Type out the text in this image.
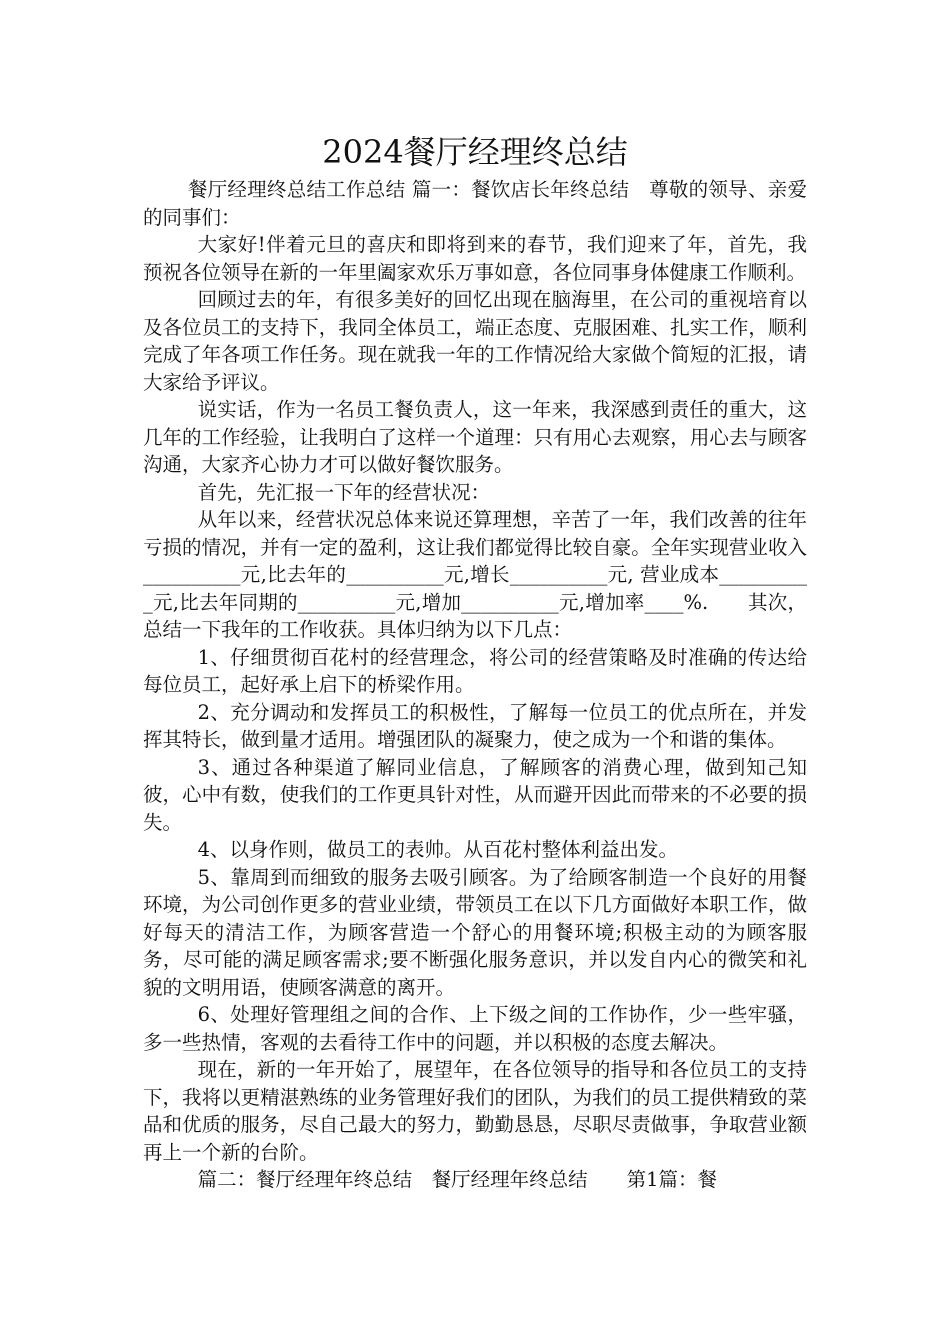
2024餐厅经理终总结

餐厅经理终总结工作总结 篇一：餐饮店长年终总结　尊敬的领导、亲爱的同事们：

大家好!伴着元旦的喜庆和即将到来的春节，我们迎来了年，首先，我预祝各位领导在新的一年里阖家欢乐万事如意，各位同事身体健康工作顺利。

回顾过去的年，有很多美好的回忆出现在脑海里，在公司的重视培育以及各位员工的支持下，我同全体员工，端正态度、克服困难、扎实工作，顺利完成了年各项工作任务。现在就我一年的工作情况给大家做个简短的汇报，请大家给予评议。

说实话，作为一名员工餐负责人，这一年来，我深感到责任的重大，这几年的工作经验，让我明白了这样一个道理：只有用心去观察，用心去与顾客沟通，大家齐心协力才可以做好餐饮服务。

首先，先汇报一下年的经营状况：

从年以来，经营状况总体来说还算理想，辛苦了一年，我们改善的往年亏损的情况，并有一定的盈利，这让我们都觉得比较自豪。全年实现营业收入__________元,比去年的__________元,增长__________元, 营业成本__________元,比去年同期的__________元,增加__________元,增加率____%.　　其次，总结一下我年的工作收获。具体归纳为以下几点：

1、仔细贯彻百花村的经营理念，将公司的经营策略及时准确的传达给每位员工，起好承上启下的桥梁作用。

2、充分调动和发挥员工的积极性，了解每一位员工的优点所在，并发挥其特长，做到量才适用。增强团队的凝聚力，使之成为一个和谐的集体。

3、通过各种渠道了解同业信息，了解顾客的消费心理，做到知己知彼，心中有数，使我们的工作更具针对性，从而避开因此而带来的不必要的损失。

4、以身作则，做员工的表帅。从百花村整体利益出发。

5、靠周到而细致的服务去吸引顾客。为了给顾客制造一个良好的用餐环境，为公司创作更多的营业业绩，带领员工在以下几方面做好本职工作，做好每天的清洁工作，为顾客营造一个舒心的用餐环境;积极主动的为顾客服务，尽可能的满足顾客需求;要不断强化服务意识，并以发自内心的微笑和礼貌的文明用语，使顾客满意的离开。

6、处理好管理组之间的合作、上下级之间的工作协作，少一些牢骚，多一些热情，客观的去看待工作中的问题，并以积极的态度去解决。

现在，新的一年开始了，展望年，在各位领导的指导和各位员工的支持下，我将以更精湛熟练的业务管理好我们的团队，为我们的员工提供精致的菜品和优质的服务，尽自己最大的努力，勤勤恳恳，尽职尽责做事，争取营业额再上一个新的台阶。

篇二：餐厅经理年终总结　餐厅经理年终总结　　第1篇：餐
